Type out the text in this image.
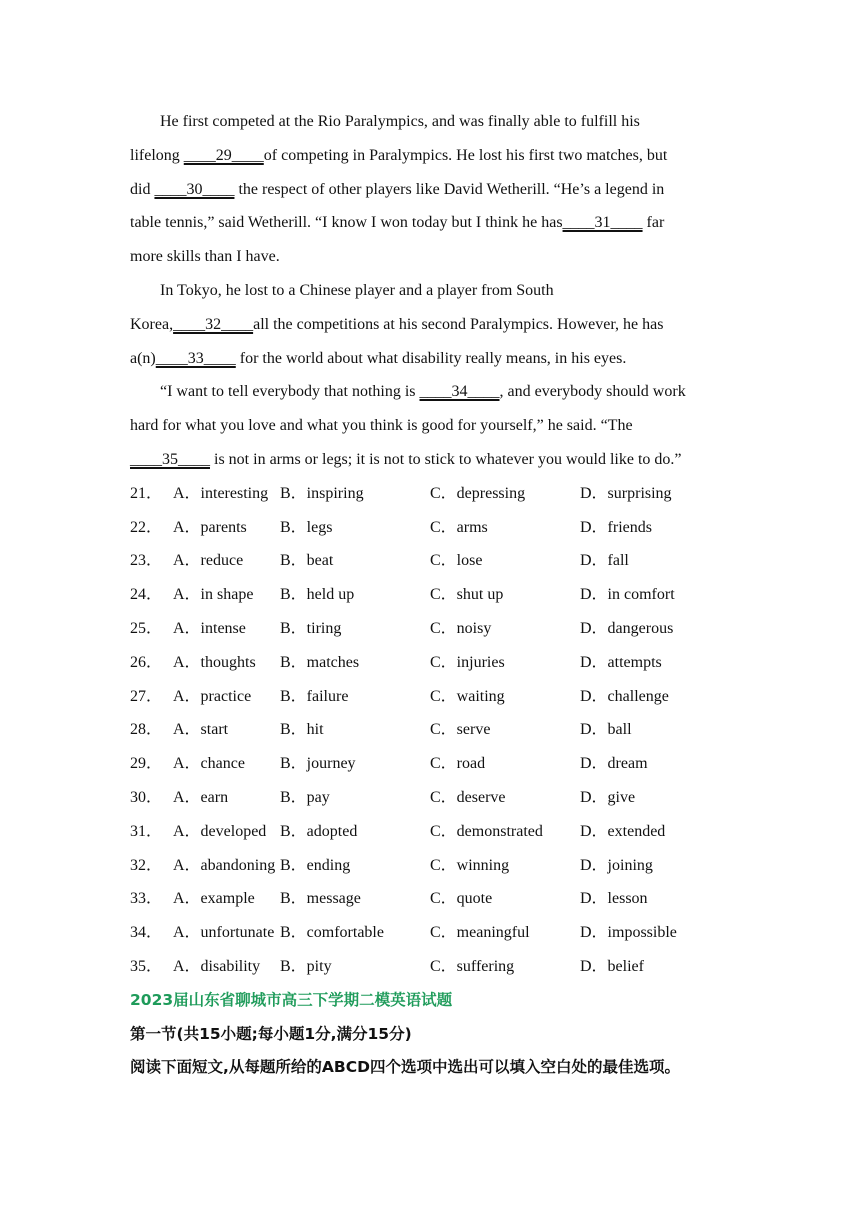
He first competed at the Rio Paralympics, and was finally able to fulfill his
lifelong ____29____of competing in Paralympics. He lost his first two matches, but
did ____30____ the respect of other players like David Wetherill. “He’s a legend in
table tennis,” said Wetherill. “I know I won today but I think he has____31____ far
more skills than I have.
In Tokyo, he lost to a Chinese player and a player from South
Korea,____32____all the competitions at his second Paralympics. However, he has
a(n)____33____ for the world about what disability really means, in his eyes.
“I want to tell everybody that nothing is ____34____, and everybody should work
hard for what you love and what you think is good for yourself,” he said. “The
____35____ is not in arms or legs; it is not to stick to whatever you would like to do.”
21． A．interesting B．inspiring	C．depressing	D．surprising
22． A．parents	B．legs	C．arms	D．friends
23． A．reduce	B．beat	C．lose	D．fall
24． A．in shape	B．held up	C．shut up	D．in comfort
25． A．intense	B．tiring	C．noisy	D．dangerous
26． A．thoughts	B．matches	C．injuries	D．attempts
27． A．practice	B．failure	C．waiting	D．challenge
28． A．start	B．hit	C．serve	D．ball
29． A．chance	B．journey	C．road	D．dream
30． A．earn	B．pay	C．deserve	D．give
31． A．developed B．adopted	C．demonstrated	D．extended
32． A．abandoning B．ending	C．winning	D．joining
33． A．example	B．message	C．quote	D．lesson
34． A．unfortunate B．comfortable	C．meaningful	D．impossible
35． A．disability	B．pity	C．suffering	D．belief
2023届山东省聊城市高三下学期二模英语试题
第一节(共15小题;每小题1分,满分15分)
阅读下面短文,从每题所给的ABCD四个选项中选出可以填入空白处的最佳选项。
